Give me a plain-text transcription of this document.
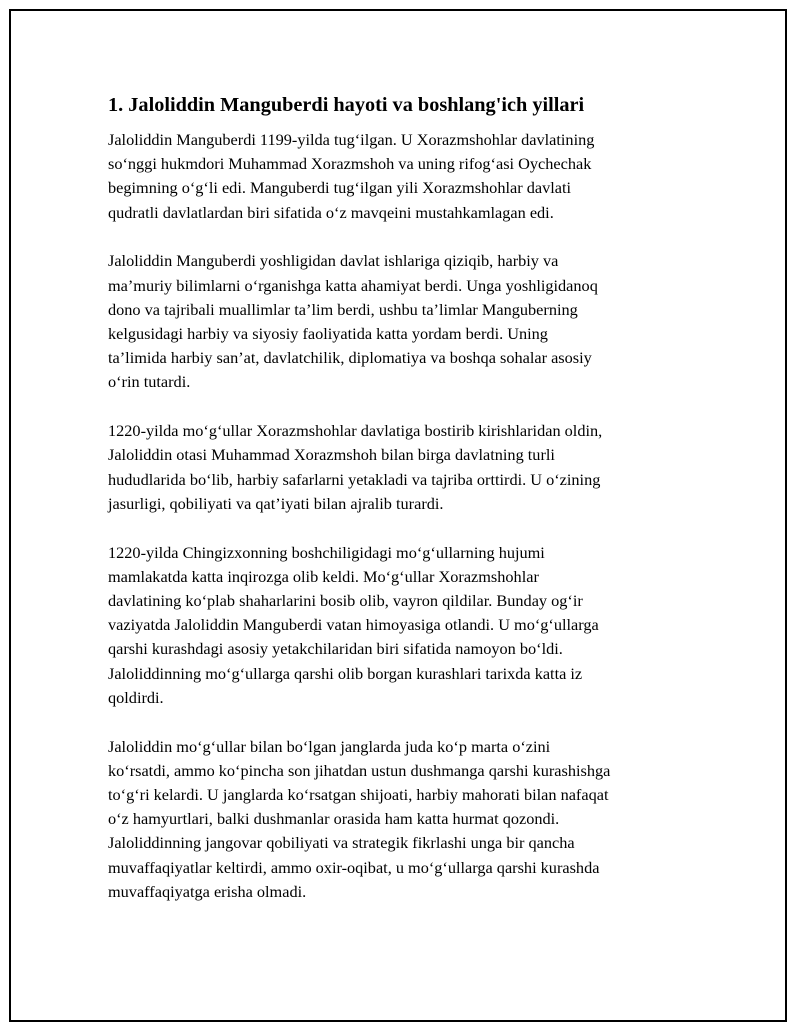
1. Jaloliddin Manguberdi hayoti va boshlang'ich yillari

Jaloliddin Manguberdi 1199-yilda tug‘ilgan. U Xorazmshohlar davlatining
so‘nggi hukmdori Muhammad Xorazmshoh va uning rifog‘asi Oychechak
begimning o‘g‘li edi. Manguberdi tug‘ilgan yili Xorazmshohlar davlati
qudratli davlatlardan biri sifatida o‘z mavqeini mustahkamlagan edi.

Jaloliddin Manguberdi yoshligidan davlat ishlariga qiziqib, harbiy va
ma’muriy bilimlarni o‘rganishga katta ahamiyat berdi. Unga yoshligidanoq
dono va tajribali muallimlar ta’lim berdi, ushbu ta’limlar Manguberning
kelgusidagi harbiy va siyosiy faoliyatida katta yordam berdi. Uning
ta’limida harbiy san’at, davlatchilik, diplomatiya va boshqa sohalar asosiy
o‘rin tutardi.

1220-yilda mo‘g‘ullar Xorazmshohlar davlatiga bostirib kirishlaridan oldin,
Jaloliddin otasi Muhammad Xorazmshoh bilan birga davlatning turli
hududlarida bo‘lib, harbiy safarlarni yetakladi va tajriba orttirdi. U o‘zining
jasurligi, qobiliyati va qat’iyati bilan ajralib turardi.

1220-yilda Chingizxonning boshchiligidagi mo‘g‘ullarning hujumi
mamlakatda katta inqirozga olib keldi. Mo‘g‘ullar Xorazmshohlar
davlatining ko‘plab shaharlarini bosib olib, vayron qildilar. Bunday og‘ir
vaziyatda Jaloliddin Manguberdi vatan himoyasiga otlandi. U mo‘g‘ullarga
qarshi kurashdagi asosiy yetakchilaridan biri sifatida namoyon bo‘ldi.
Jaloliddinning mo‘g‘ullarga qarshi olib borgan kurashlari tarixda katta iz
qoldirdi.

Jaloliddin mo‘g‘ullar bilan bo‘lgan janglarda juda ko‘p marta o‘zini
ko‘rsatdi, ammo ko‘pincha son jihatdan ustun dushmanga qarshi kurashishga
to‘g‘ri kelardi. U janglarda ko‘rsatgan shijoati, harbiy mahorati bilan nafaqat
o‘z hamyurtlari, balki dushmanlar orasida ham katta hurmat qozondi.
Jaloliddinning jangovar qobiliyati va strategik fikrlashi unga bir qancha
muvaffaqiyatlar keltirdi, ammo oxir-oqibat, u mo‘g‘ullarga qarshi kurashda
muvaffaqiyatga erisha olmadi.
